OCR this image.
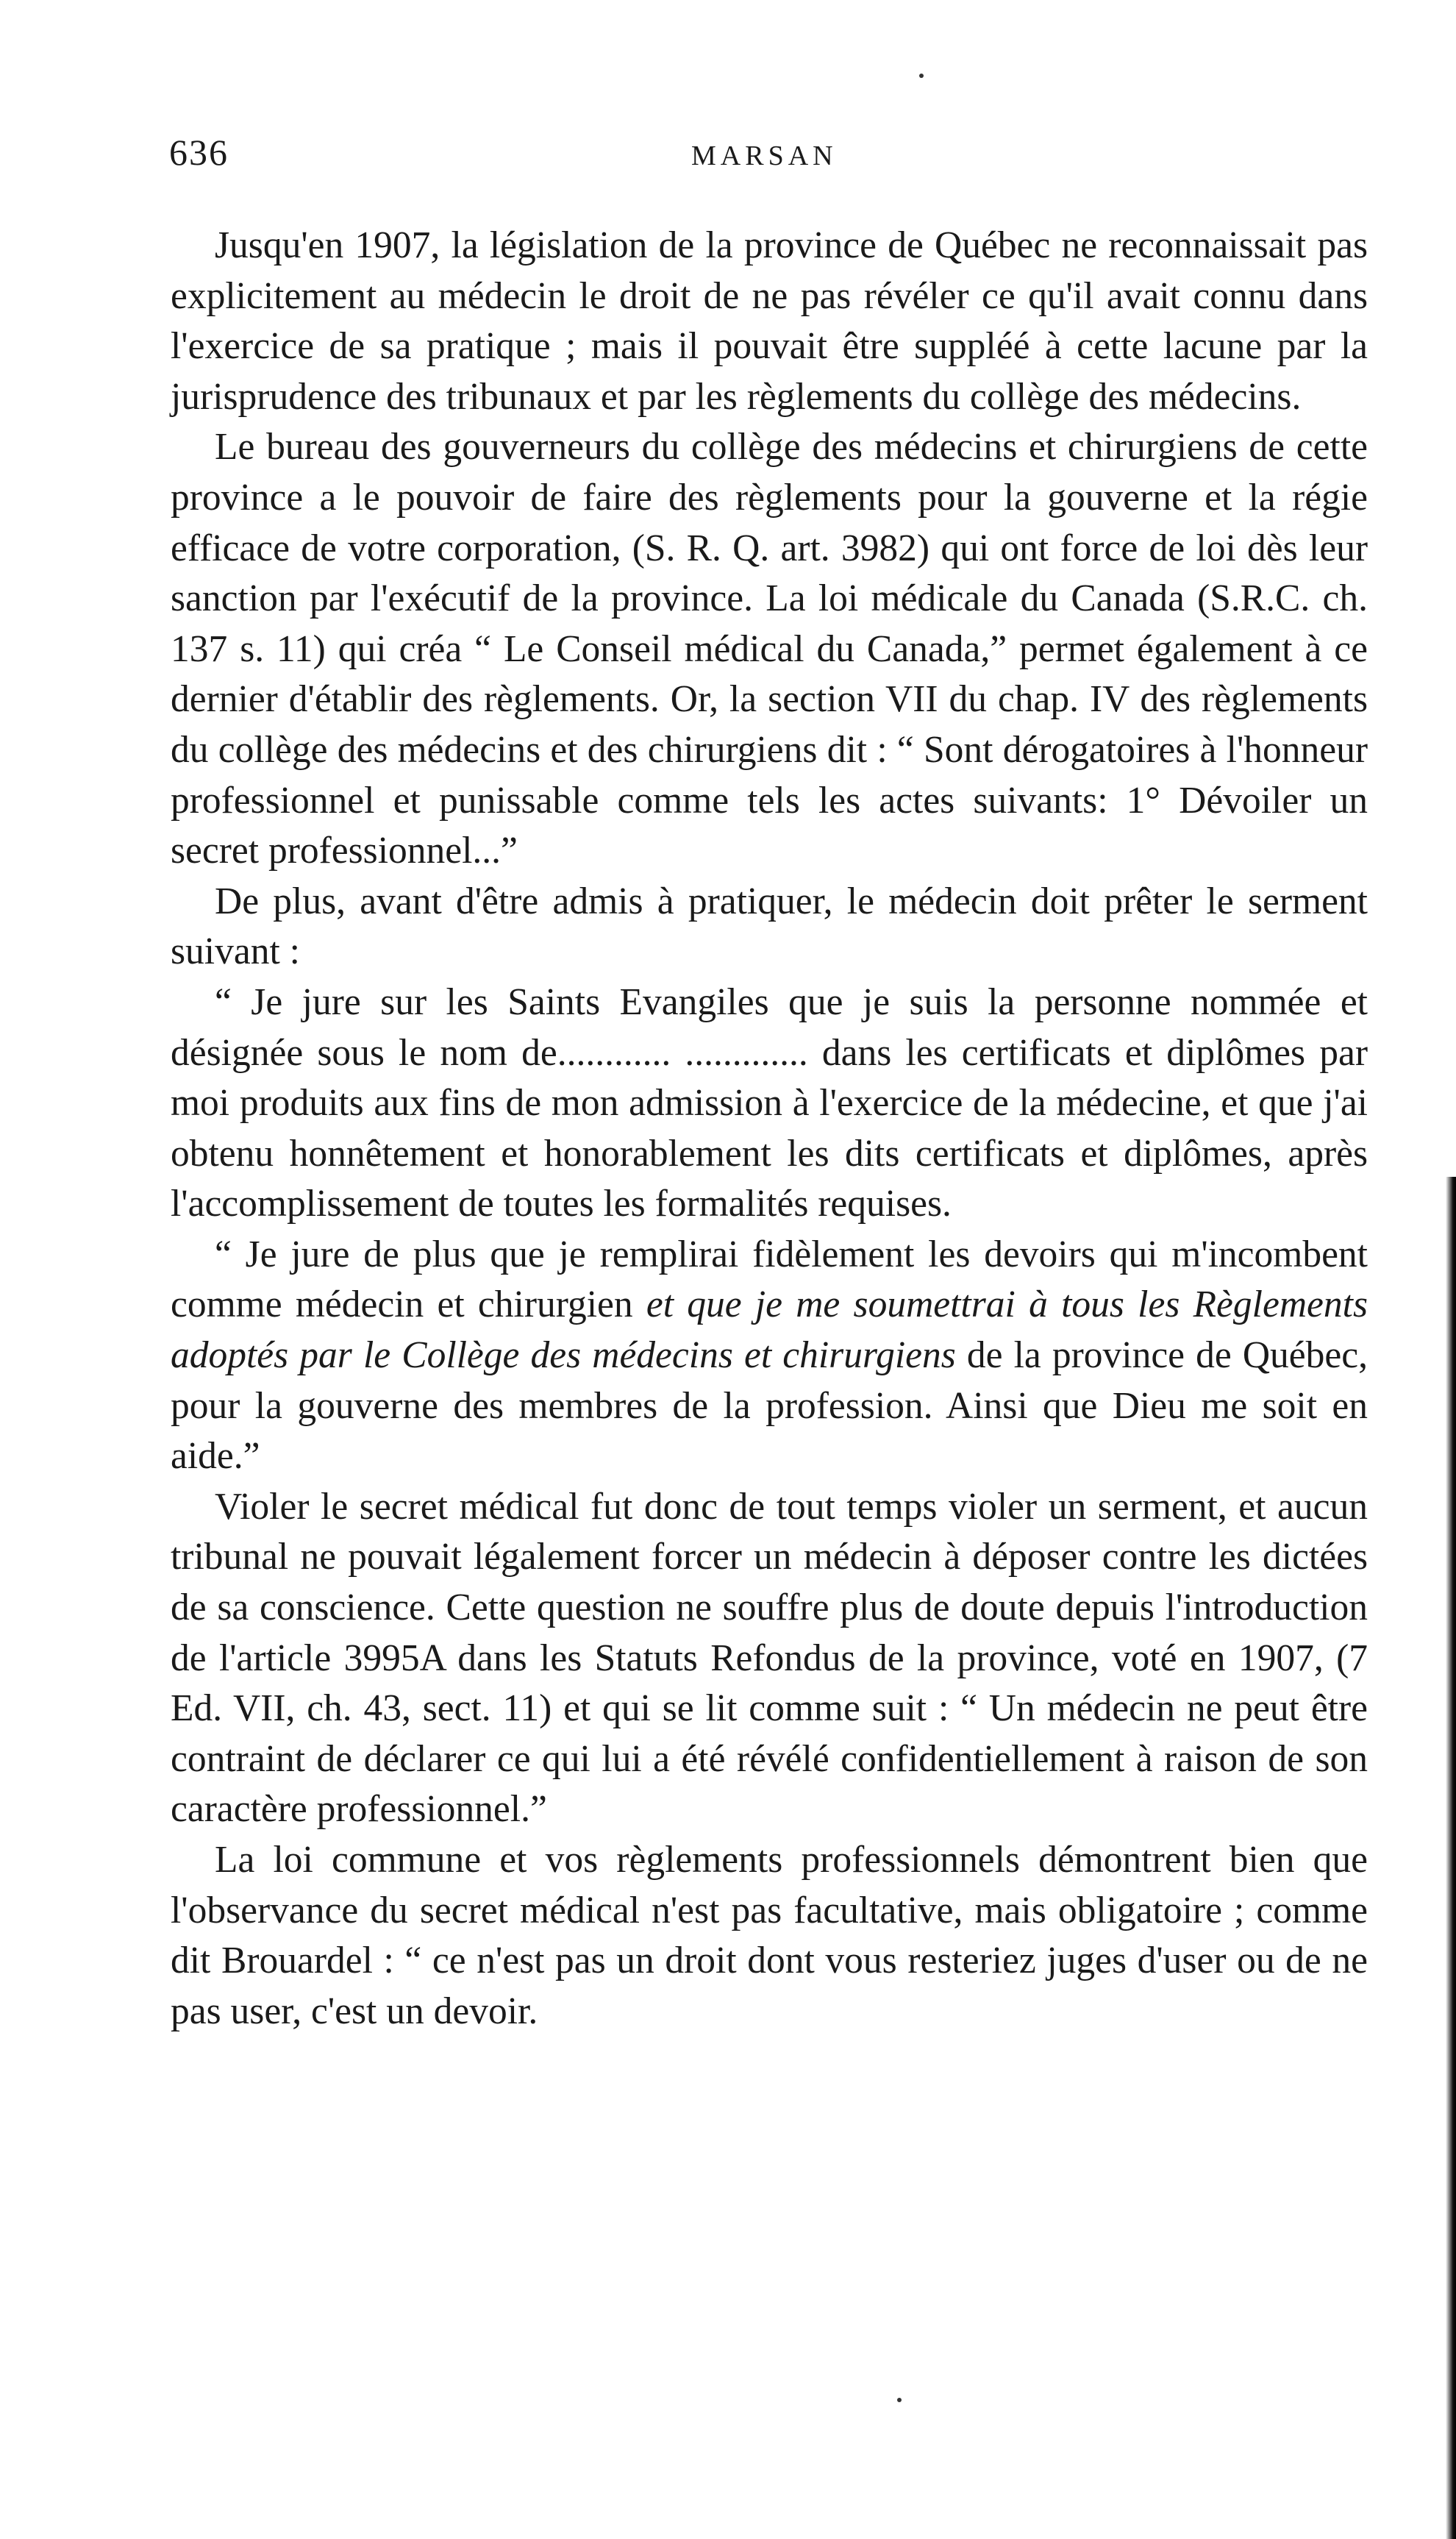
636	MARSAN

Jusqu'en 1907, la législation de la province de Québec ne reconnaissait pas explicitement au médecin le droit de ne pas révéler ce qu'il avait connu dans l'exercice de sa pratique ; mais il pouvait être suppléé à cette lacune par la jurisprudence des tribunaux et par les règlements du collège des médecins.

Le bureau des gouverneurs du collège des médecins et chirurgiens de cette province a le pouvoir de faire des règlements pour la gouverne et la régie efficace de votre corporation, (S. R. Q. art. 3982) qui ont force de loi dès leur sanction par l'exécutif de la province. La loi médicale du Canada (S.R.C. ch. 137 s. 11) qui créa “ Le Conseil médical du Canada,” permet également à ce dernier d'établir des règlements. Or, la section VII du chap. IV des règlements du collège des médecins et des chirurgiens dit : “ Sont dérogatoires à l'honneur professionnel et punissable comme tels les actes suivants: 1° Dévoiler un secret professionnel...”

De plus, avant d'être admis à pratiquer, le médecin doit prêter le serment suivant :

“ Je jure sur les Saints Evangiles que je suis la personne nommée et désignée sous le nom de............ ............. dans les certificats et diplômes par moi produits aux fins de mon admission à l'exercice de la médecine, et que j'ai obtenu honnêtement et honorablement les dits certificats et diplômes, après l'accomplissement de toutes les formalités requises.

“ Je jure de plus que je remplirai fidèlement les devoirs qui m'incombent comme médecin et chirurgien et que je me soumettrai à tous les Règlements adoptés par le Collège des médecins et chirurgiens de la province de Québec, pour la gouverne des membres de la profession. Ainsi que Dieu me soit en aide.”

Violer le secret médical fut donc de tout temps violer un serment, et aucun tribunal ne pouvait légalement forcer un médecin à déposer contre les dictées de sa conscience. Cette question ne souffre plus de doute depuis l'introduction de l'article 3995A dans les Statuts Refondus de la province, voté en 1907, (7 Ed. VII, ch. 43, sect. 11) et qui se lit comme suit : “ Un médecin ne peut être contraint de déclarer ce qui lui a été révélé confidentiellement à raison de son caractère professionnel.”

La loi commune et vos règlements professionnels démontrent bien que l'observance du secret médical n'est pas facultative, mais obligatoire ; comme dit Brouardel : “ ce n'est pas un droit dont vous resteriez juges d'user ou de ne pas user, c'est un devoir.
